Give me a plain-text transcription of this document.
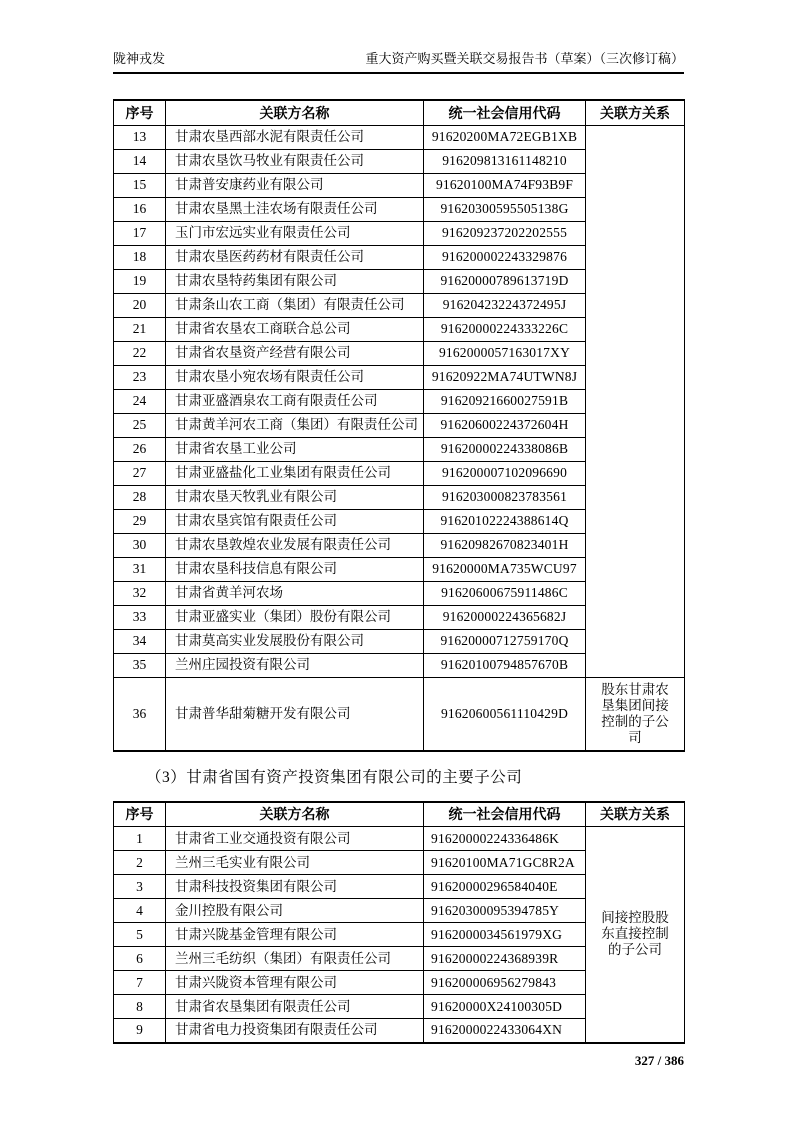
陇神戎发	重大资产购买暨关联交易报告书（草案）（三次修订稿）
序号	关联方名称	统一社会信用代码	关联方关系
13	甘肃农垦西部水泥有限责任公司	91620200MA72EGB1XB	
14	甘肃农垦饮马牧业有限责任公司	916209813161148210	
15	甘肃普安康药业有限公司	91620100MA74F93B9F	
16	甘肃农垦黑土洼农场有限责任公司	91620300595505138G	
17	玉门市宏远实业有限责任公司	916209237202202555	
18	甘肃农垦医药药材有限责任公司	916200002243329876	
19	甘肃农垦特药集团有限公司	91620000789613719D	
20	甘肃条山农工商（集团）有限责任公司	91620423224372495J	
21	甘肃省农垦农工商联合总公司	91620000224333226C	
22	甘肃省农垦资产经营有限公司	9162000057163017XY	
23	甘肃农垦小宛农场有限责任公司	91620922MA74UTWN8J	
24	甘肃亚盛酒泉农工商有限责任公司	91620921660027591B	
25	甘肃黄羊河农工商（集团）有限责任公司	91620600224372604H	
26	甘肃省农垦工业公司	91620000224338086B	
27	甘肃亚盛盐化工业集团有限责任公司	916200007102096690	
28	甘肃农垦天牧乳业有限公司	916203000823783561	
29	甘肃农垦宾馆有限责任公司	91620102224388614Q	
30	甘肃农垦敦煌农业发展有限责任公司	91620982670823401H	
31	甘肃农垦科技信息有限公司	91620000MA735WCU97	
32	甘肃省黄羊河农场	91620600675911486C	
33	甘肃亚盛实业（集团）股份有限公司	91620000224365682J	
34	甘肃莫高实业发展股份有限公司	91620000712759170Q	
35	兰州庄园投资有限公司	91620100794857670B	
36	甘肃普华甜菊糖开发有限公司	91620600561110429D	股东甘肃农垦集团间接控制的子公司
（3）甘肃省国有资产投资集团有限公司的主要子公司
序号	关联方名称	统一社会信用代码	关联方关系
1	甘肃省工业交通投资有限公司	91620000224336486K	间接控股股东直接控制的子公司
2	兰州三毛实业有限公司	91620100MA71GC8R2A	
3	甘肃科技投资集团有限公司	91620000296584040E	
4	金川控股有限公司	91620300095394785Y	
5	甘肃兴陇基金管理有限公司	9162000034561979XG	
6	兰州三毛纺织（集团）有限责任公司	91620000224368939R	
7	甘肃兴陇资本管理有限公司	916200006956279843	
8	甘肃省农垦集团有限责任公司	91620000X24100305D	
9	甘肃省电力投资集团有限责任公司	9162000022433064XN	
327 / 386
